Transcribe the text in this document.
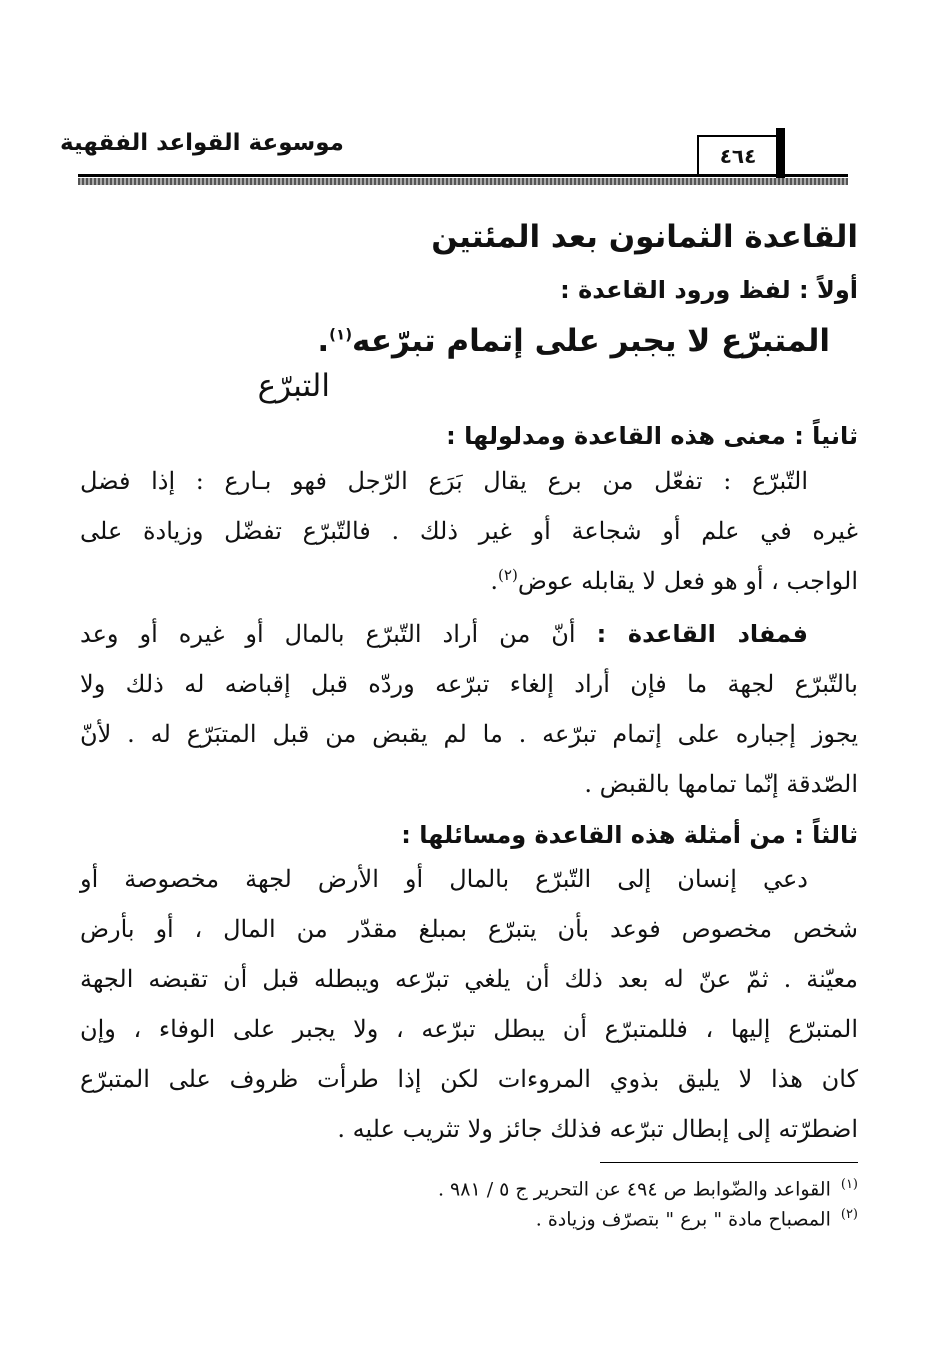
موسوعة القواعد الفقهية	٤٦٤
القاعدة الثمانون بعد المئتين
أولاً : لفظ ورود القاعدة :
المتبرّع لا يجبر على إتمام تبرّعه$^{(١)}$.
التبرّع
ثانياً : معنى هذه القاعدة ومدلولها :
التّبرّع : تفعّل من برع يقال بَرَع الرّجل فهو بـارع : إذا فضل
غيره في علم أو شجاعة أو غير ذلك . فالتّبرّع تفضّل وزيادة على
الواجب ، أو هو فعل لا يقابله عوض$^{(٢)}$.
فمفاد القاعدة : أنّ من أراد التّبرّع بالمال أو غيره أو وعد
بالتّبرّع لجهة ما فإن أراد إلغاء تبرّعه وردّه قبل إقباضه له ذلك ولا
يجوز إجباره على إتمام تبرّعه . ما لم يقبض من قبل المتبَرّع له . لأنّ
الصّدقة إنّما تمامها بالقبض .
ثالثاً : من أمثلة هذه القاعدة ومسائلها :
دعي إنسان إلى التّبرّع بالمال أو الأرض لجهة مخصوصة أو
شخص مخصوص فوعد بأن يتبرّع بمبلغ مقدّر من المال ، أو بأرض
معيّنة . ثمّ عنّ له بعد ذلك أن يلغي تبرّعه ويبطله قبل أن تقبضه الجهة
المتبرّع إليها ، فللمتبرّع أن يبطل تبرّعه ، ولا يجبر على الوفاء ، وإن
كان هذا لا يليق بذوي المروءات لكن إذا طرأت ظروف على المتبرّع
اضطرّته إلى إبطال تبرّعه فذلك جائز ولا تثريب عليه .
$^{(١)}$القواعد والضّوابط ص ٤٩٤ عن التحرير ج ٥ / ٩٨١ .
$^{(٢)}$المصباح مادة " برع " بتصرّف وزيادة .
